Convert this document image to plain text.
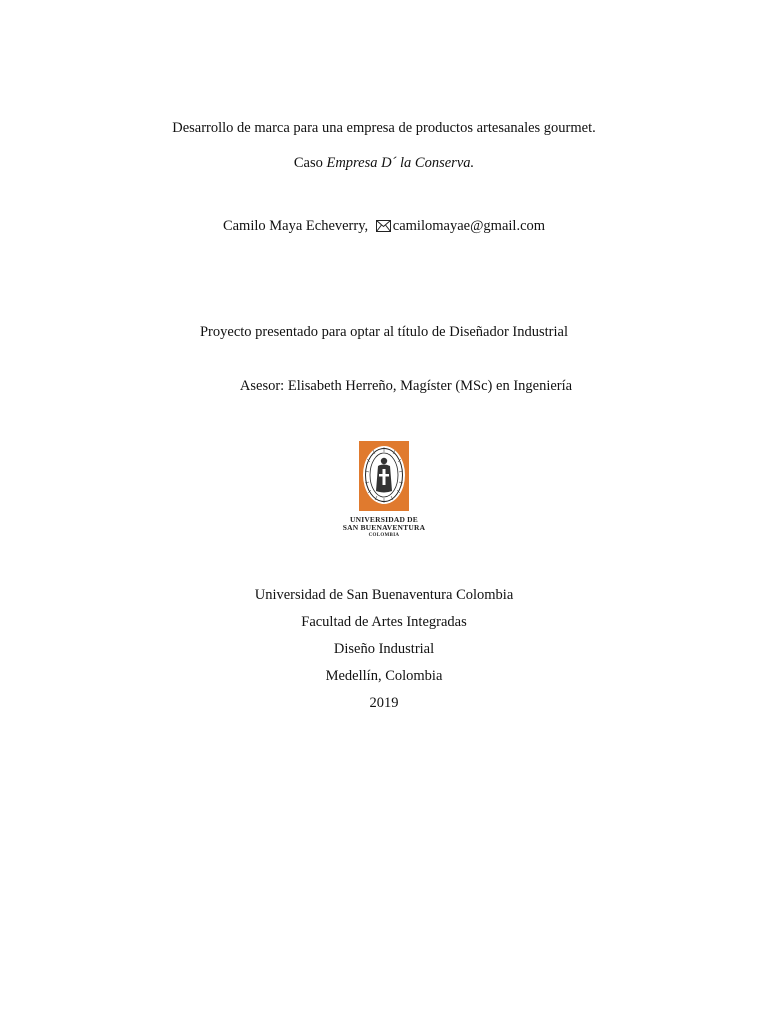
Desarrollo de marca para una empresa de productos artesanales gourmet.
Caso Empresa D´ la Conserva.
Camilo Maya Echeverry, camilomayae@gmail.com
Proyecto presentado para optar al título de Diseñador Industrial
Asesor: Elisabeth Herreño, Magíster (MSc) en Ingeniería
UNIVERSIDAD DE
SAN BUENAVENTURA
COLOMBIA
Universidad de San Buenaventura Colombia
Facultad de Artes Integradas
Diseño Industrial
Medellín, Colombia
2019
